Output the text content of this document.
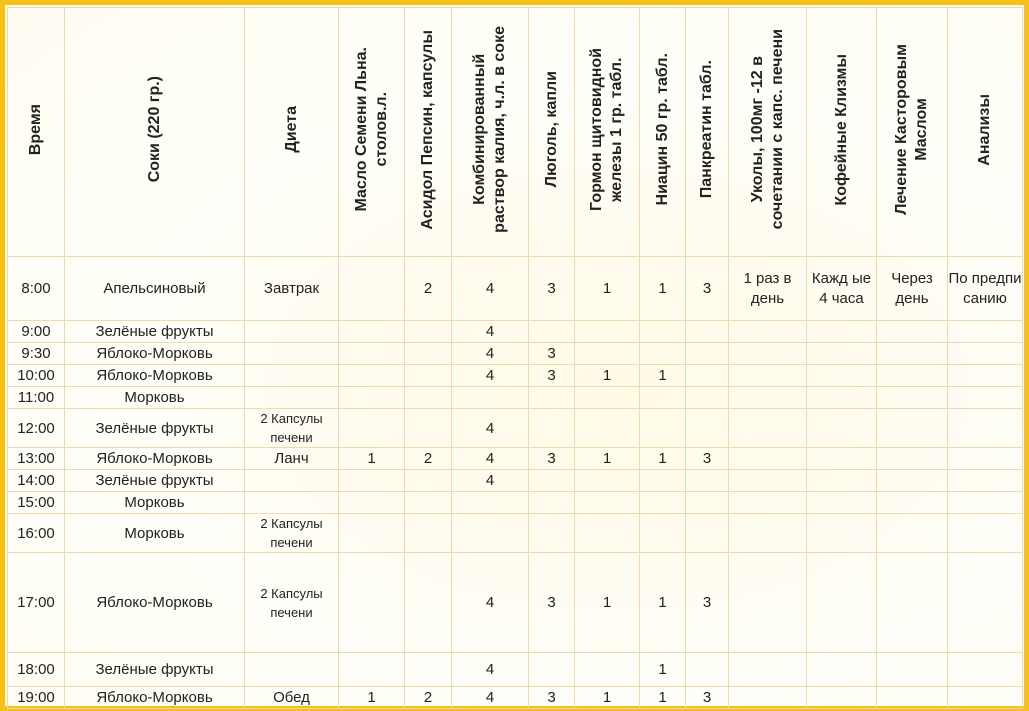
Время	Соки (220 гр.)	Диета	Масло Семени Льна.
столов.л.	Асидол Пепсин, капсулы	Комбинированный
раствор калия, ч.л. в соке	Люголь, капли	Гормон щитовидной
железы 1 гр. табл.	Ниацин 50 гр. табл.	Панкреатин табл.	Уколы, 100мг -12 в
сочетании с капс. печени	Кофейные Клизмы	Лечение Касторовым
Маслом	Анализы
8:00	Апельсиновый	Завтрак		2	4	3	1	1	3	1 раз в день	Кажд ые 4 часа	Через день	По предпи санию
9:00	Зелёные фрукты				4								
9:30	Яблоко-Морковь				4	3							
10:00	Яблоко-Морковь				4	3	1	1					
11:00	Морковь												
12:00	Зелёные фрукты	2 Капсулы печени			4								
13:00	Яблоко-Морковь	Ланч	1	2	4	3	1	1	3				
14:00	Зелёные фрукты				4								
15:00	Морковь												
16:00	Морковь	2 Капсулы печени											
17:00	Яблоко-Морковь	2 Капсулы печени			4	3	1	1	3				
18:00	Зелёные фрукты				4			1					
19:00	Яблоко-Морковь	Обед	1	2	4	3	1	1	3				
